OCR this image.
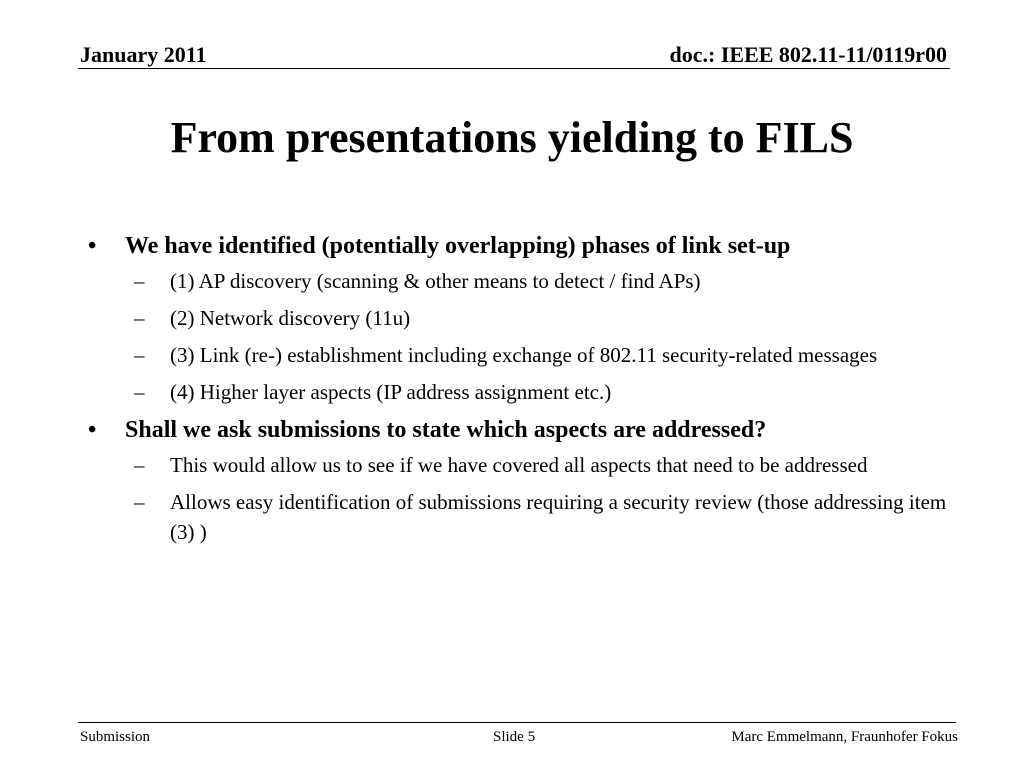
January 2011	doc.: IEEE 802.11-11/0119r00
From presentations yielding to FILS
•	We have identified (potentially overlapping) phases of link set-up
– (1) AP discovery (scanning & other means to detect / find APs)
– (2) Network discovery (11u)
– (3) Link (re-) establishment including exchange of 802.11 security-related messages
– (4) Higher layer aspects (IP address assignment etc.)
•	Shall we ask submissions to state which aspects are addressed?
– This would allow us to see if we have covered all aspects that need to be addressed
– Allows easy identification of submissions requiring a security review (those addressing item (3) )
Submission	Slide 5	Marc Emmelmann, Fraunhofer Fokus
